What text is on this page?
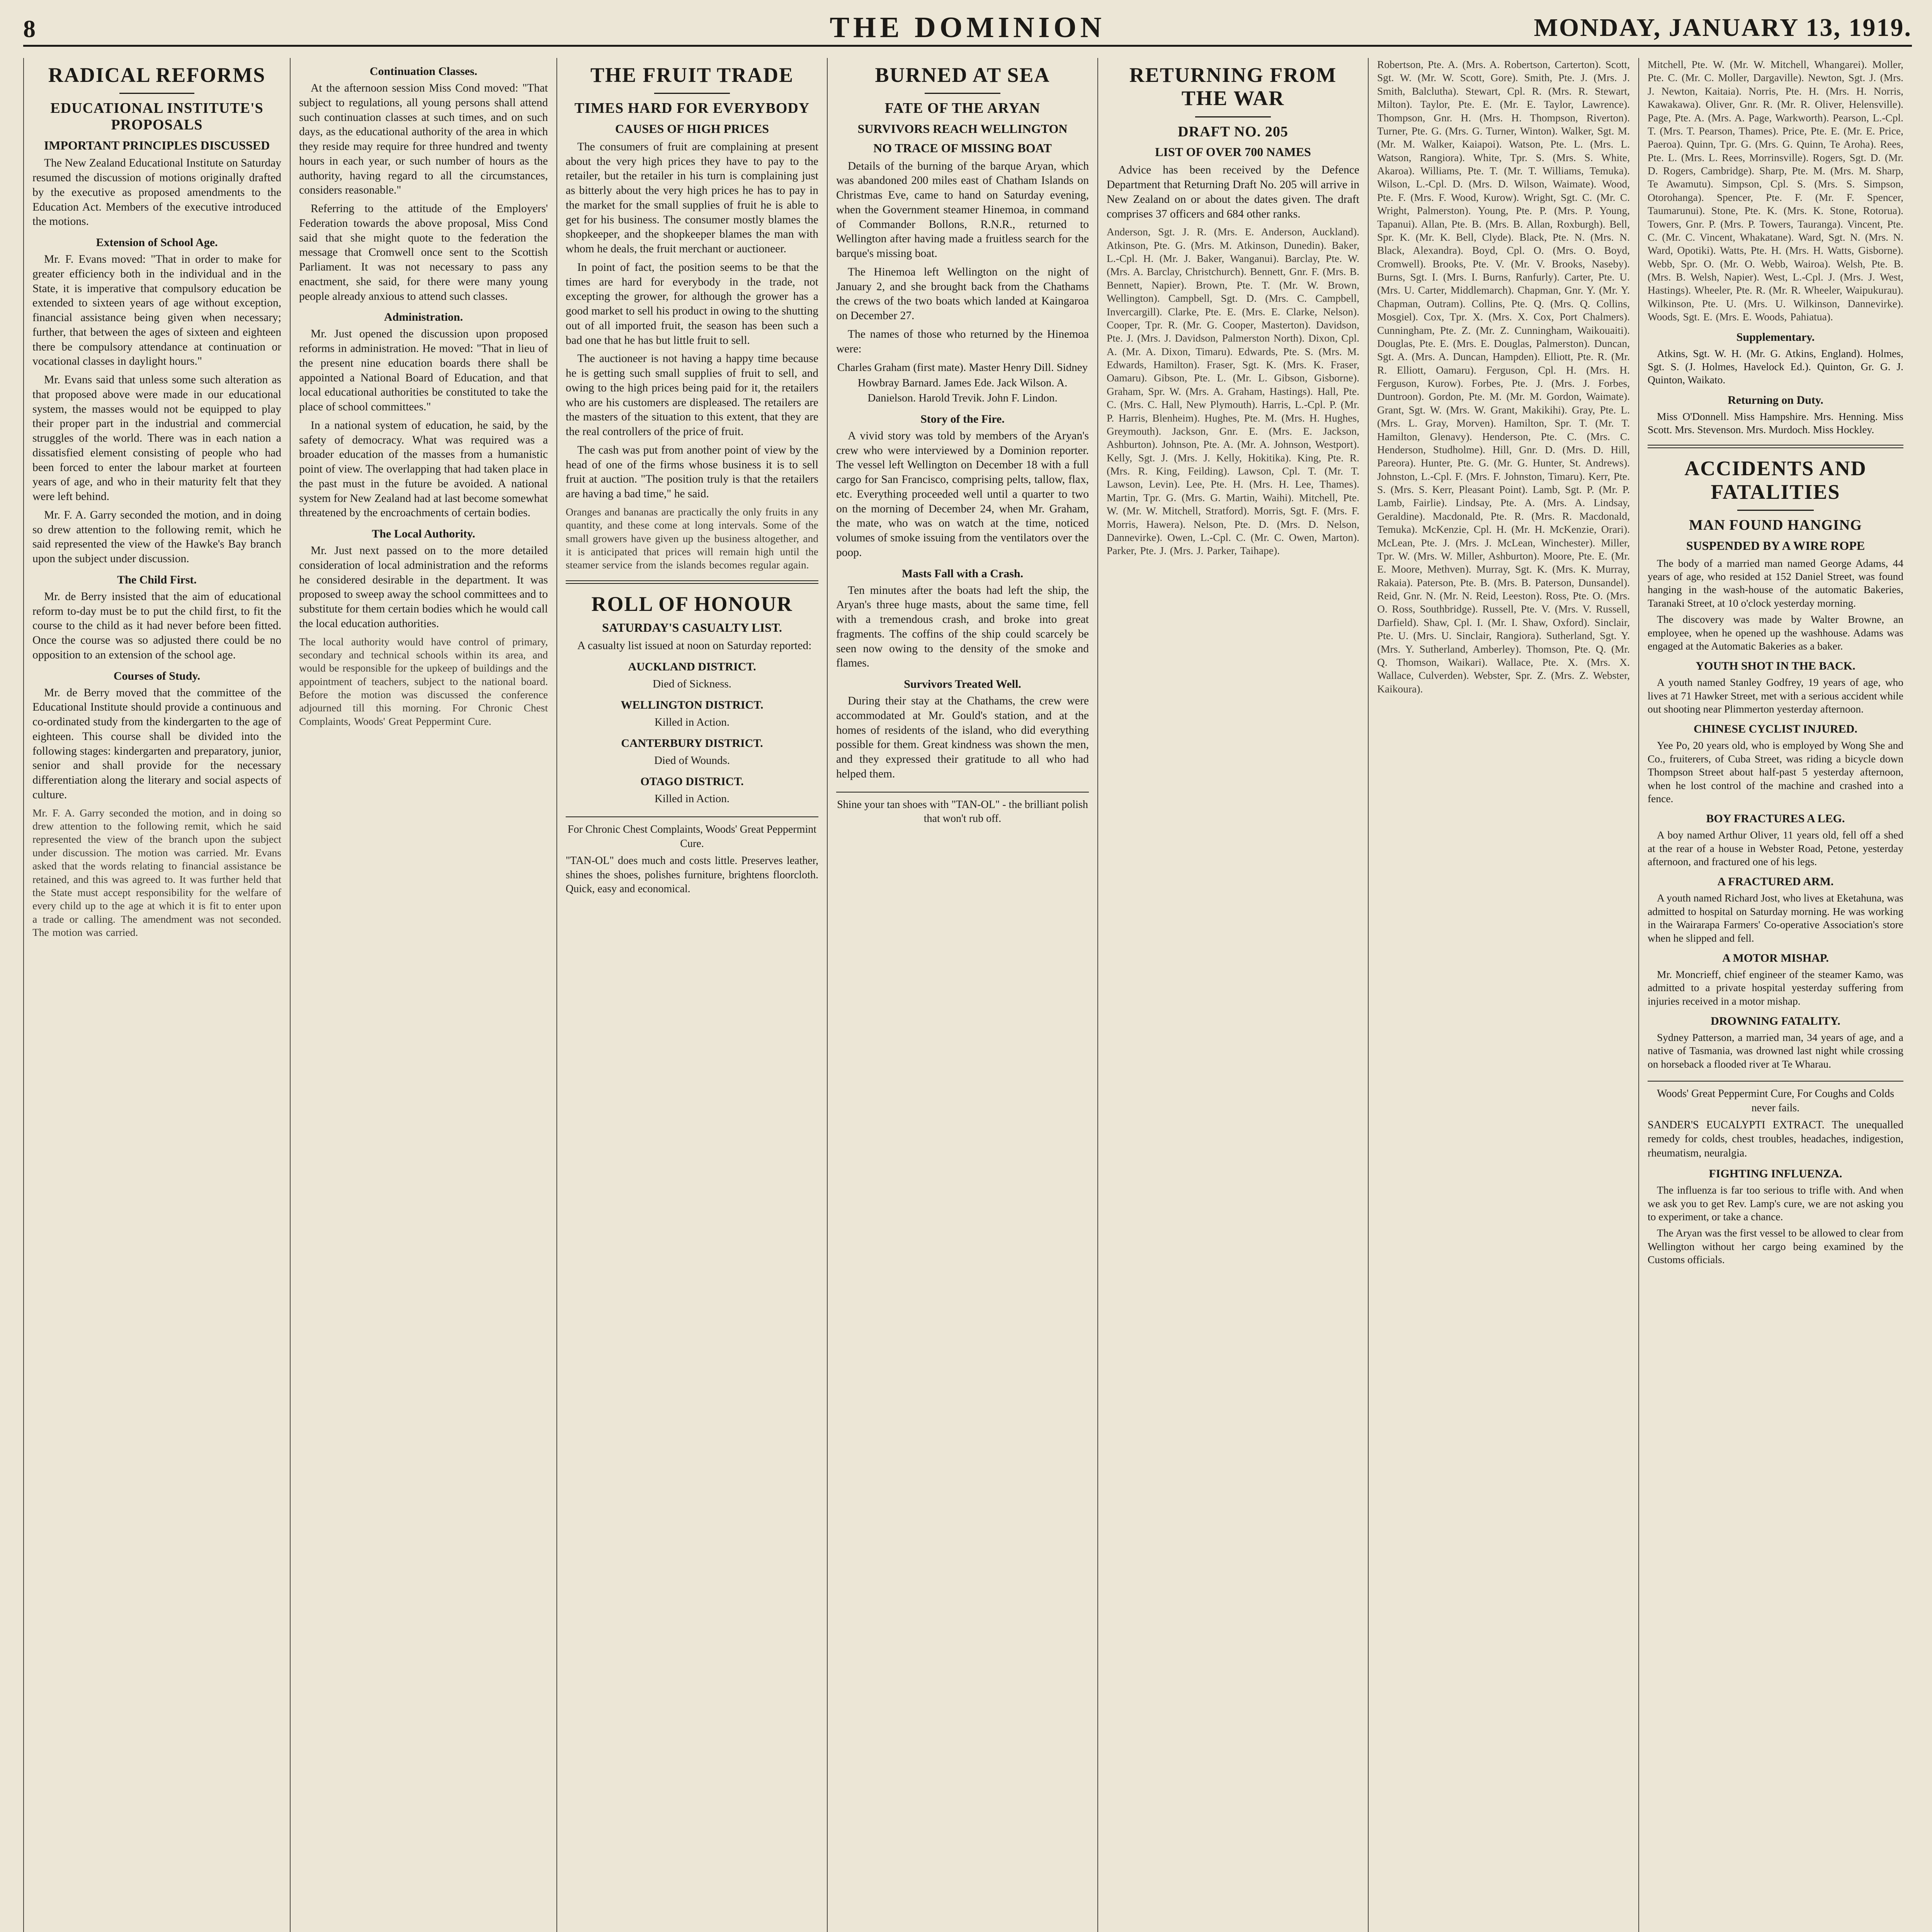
8	THE DOMINION	MONDAY, JANUARY 13, 1919.
RADICAL REFORMS
EDUCATIONAL INSTITUTE'S PROPOSALS
IMPORTANT PRINCIPLES DISCUSSED

The New Zealand Educational Institute on Saturday resumed the discussion of motions originally drafted by the executive as proposed amendments to the Education Act. Members of the executive introduced the motions.

Extension of School Age.

Mr. F. Evans moved: "That in order to make for greater efficiency both in the individual and in the State, it is imperative that compulsory education be extended to sixteen years of age without exception, financial assistance being given when necessary; further, that between the ages of sixteen and eighteen there be compulsory attendance at continuation or vocational classes in daylight hours."

Mr. Evans said that unless some such alteration as that proposed above were made in our educational system, the masses would not be equipped to play their proper part in the industrial and commercial struggles of the world. There was in each nation a dissatisfied element consisting of people who had been forced to enter the labour market at fourteen years of age, and who in their maturity felt that they were left behind.

Mr. F. A. Garry seconded the motion, and in doing so drew attention to the following remit, which he said represented the view of the Hawke's Bay branch upon the subject under discussion.

The Child First.

Mr. de Berry insisted that the aim of educational reform to-day must be to put the child first, to fit the course to the child as it had never before been fitted. Once the course was so adjusted there could be no opposition to an extension of the school age.

Courses of Study.

Mr. de Berry moved that the committee of the Educational Institute should provide a continuous and co-ordinated study from the kindergarten to the age of eighteen. This course shall be divided into the following stages: kindergarten and preparatory, junior, senior and shall provide for the necessary differentiation along the literary and social aspects of culture.

Mr. F. A. Garry seconded the motion, and in doing so drew attention to the following remit, which he said represented the view of the branch upon the subject under discussion. The motion was carried. Mr. Evans asked that the words relating to financial assistance be retained, and this was agreed to. It was further held that the State must accept responsibility for the welfare of every child up to the age at which it is fit to enter upon a trade or calling. The amendment was not seconded. The motion was carried.

Continuation Classes.

At the afternoon session Miss Cond moved: "That subject to regulations, all young persons shall attend such continuation classes at such times, and on such days, as the educational authority of the area in which they reside may require for three hundred and twenty hours in each year, or such number of hours as the authority, having regard to all the circumstances, considers reasonable."

Referring to the attitude of the Employers' Federation towards the above proposal, Miss Cond said that she might quote to the federation the message that Cromwell once sent to the Scottish Parliament. It was not necessary to pass any enactment, she said, for there were many young people already anxious to attend such classes.

Administration.

Mr. Just opened the discussion upon proposed reforms in administration. He moved: "That in lieu of the present nine education boards there shall be appointed a National Board of Education, and that local educational authorities be constituted to take the place of school committees."

In a national system of education, he said, by the safety of democracy. What was required was a broader education of the masses from a humanistic point of view. The overlapping that had taken place in the past must in the future be avoided. A national system for New Zealand had at last become somewhat threatened by the encroachments of certain bodies.

The Local Authority.

Mr. Just next passed on to the more detailed consideration of local administration and the reforms he considered desirable in the department. It was proposed to sweep away the school committees and to substitute for them certain bodies which he would call the local education authorities.

The local authority would have control of primary, secondary and technical schools within its area, and would be responsible for the upkeep of buildings and the appointment of teachers, subject to the national board. Before the motion was discussed the conference adjourned till this morning. For Chronic Chest Complaints, Woods' Great Peppermint Cure.

THE FRUIT TRADE
TIMES HARD FOR EVERYBODY
CAUSES OF HIGH PRICES

The consumers of fruit are complaining at present about the very high prices they have to pay to the retailer, but the retailer in his turn is complaining just as bitterly about the very high prices he has to pay in the market for the small supplies of fruit he is able to get for his business. The consumer mostly blames the shopkeeper, and the shopkeeper blames the man with whom he deals, the fruit merchant or auctioneer.

In point of fact, the position seems to be that the times are hard for everybody in the trade, not excepting the grower, for although the grower has a good market to sell his product in owing to the shutting out of all imported fruit, the season has been such a bad one that he has but little fruit to sell.

The auctioneer is not having a happy time because he is getting such small supplies of fruit to sell, and owing to the high prices being paid for it, the retailers who are his customers are displeased. The retailers are the masters of the situation to this extent, that they are the real controllers of the price of fruit.

The cash was put from another point of view by the head of one of the firms whose business it is to sell fruit at auction. "The position truly is that the retailers are having a bad time," he said.

Oranges and bananas are practically the only fruits in any quantity, and these come at long intervals. Some of the small growers have given up the business altogether, and it is anticipated that prices will remain high until the steamer service from the islands becomes regular again.

ROLL OF HONOUR
SATURDAY'S CASUALTY LIST.

A casualty list issued at noon on Saturday reported:

AUCKLAND DISTRICT.
Died of Sickness.
WELLINGTON DISTRICT.
Killed in Action.
CANTERBURY DISTRICT.
Died of Wounds.
OTAGO DISTRICT.
Killed in Action.
For Chronic Chest Complaints, Woods' Great Peppermint Cure.

"TAN-OL" does much and costs little. Preserves leather, shines the shoes, polishes furniture, brightens floorcloth. Quick, easy and economical.

BURNED AT SEA
FATE OF THE ARYAN
SURVIVORS REACH WELLINGTON
NO TRACE OF MISSING BOAT

Details of the burning of the barque Aryan, which was abandoned 200 miles east of Chatham Islands on Christmas Eve, came to hand on Saturday evening, when the Government steamer Hinemoa, in command of Commander Bollons, R.N.R., returned to Wellington after having made a fruitless search for the barque's missing boat.

The Hinemoa left Wellington on the night of January 2, and she brought back from the Chathams the crews of the two boats which landed at Kaingaroa on December 27.

The names of those who returned by the Hinemoa were:

Charles Graham (first mate). Master Henry Dill. Sidney Howbray Barnard. James Ede. Jack Wilson. A. Danielson. Harold Trevik. John F. Lindon.
Story of the Fire.

A vivid story was told by members of the Aryan's crew who were interviewed by a Dominion reporter. The vessel left Wellington on December 18 with a full cargo for San Francisco, comprising pelts, tallow, flax, etc. Everything proceeded well until a quarter to two on the morning of December 24, when Mr. Graham, the mate, who was on watch at the time, noticed volumes of smoke issuing from the ventilators over the poop.

Masts Fall with a Crash.

Ten minutes after the boats had left the ship, the Aryan's three huge masts, about the same time, fell with a tremendous crash, and broke into great fragments. The coffins of the ship could scarcely be seen now owing to the density of the smoke and flames.

Survivors Treated Well.

During their stay at the Chathams, the crew were accommodated at Mr. Gould's station, and at the homes of residents of the island, who did everything possible for them. Great kindness was shown the men, and they expressed their gratitude to all who had helped them.

Shine your tan shoes with "TAN-OL" - the brilliant polish that won't rub off.
RETURNING FROM THE WAR
DRAFT NO. 205
LIST OF OVER 700 NAMES

Advice has been received by the Defence Department that Returning Draft No. 205 will arrive in New Zealand on or about the dates given. The draft comprises 37 officers and 684 other ranks.

Anderson, Sgt. J. R. (Mrs. E. Anderson, Auckland). Atkinson, Pte. G. (Mrs. M. Atkinson, Dunedin). Baker, L.-Cpl. H. (Mr. J. Baker, Wanganui). Barclay, Pte. W. (Mrs. A. Barclay, Christchurch). Bennett, Gnr. F. (Mrs. B. Bennett, Napier). Brown, Pte. T. (Mr. W. Brown, Wellington). Campbell, Sgt. D. (Mrs. C. Campbell, Invercargill). Clarke, Pte. E. (Mrs. E. Clarke, Nelson). Cooper, Tpr. R. (Mr. G. Cooper, Masterton). Davidson, Pte. J. (Mrs. J. Davidson, Palmerston North). Dixon, Cpl. A. (Mr. A. Dixon, Timaru). Edwards, Pte. S. (Mrs. M. Edwards, Hamilton). Fraser, Sgt. K. (Mrs. K. Fraser, Oamaru). Gibson, Pte. L. (Mr. L. Gibson, Gisborne). Graham, Spr. W. (Mrs. A. Graham, Hastings). Hall, Pte. C. (Mrs. C. Hall, New Plymouth). Harris, L.-Cpl. P. (Mr. P. Harris, Blenheim). Hughes, Pte. M. (Mrs. H. Hughes, Greymouth). Jackson, Gnr. E. (Mrs. E. Jackson, Ashburton). Johnson, Pte. A. (Mr. A. Johnson, Westport). Kelly, Sgt. J. (Mrs. J. Kelly, Hokitika). King, Pte. R. (Mrs. R. King, Feilding). Lawson, Cpl. T. (Mr. T. Lawson, Levin). Lee, Pte. H. (Mrs. H. Lee, Thames). Martin, Tpr. G. (Mrs. G. Martin, Waihi). Mitchell, Pte. W. (Mr. W. Mitchell, Stratford). Morris, Sgt. F. (Mrs. F. Morris, Hawera). Nelson, Pte. D. (Mrs. D. Nelson, Dannevirke). Owen, L.-Cpl. C. (Mr. C. Owen, Marton). Parker, Pte. J. (Mrs. J. Parker, Taihape).

Robertson, Pte. A. (Mrs. A. Robertson, Carterton). Scott, Sgt. W. (Mr. W. Scott, Gore). Smith, Pte. J. (Mrs. J. Smith, Balclutha). Stewart, Cpl. R. (Mrs. R. Stewart, Milton). Taylor, Pte. E. (Mr. E. Taylor, Lawrence). Thompson, Gnr. H. (Mrs. H. Thompson, Riverton). Turner, Pte. G. (Mrs. G. Turner, Winton). Walker, Sgt. M. (Mr. M. Walker, Kaiapoi). Watson, Pte. L. (Mrs. L. Watson, Rangiora). White, Tpr. S. (Mrs. S. White, Akaroa). Williams, Pte. T. (Mr. T. Williams, Temuka). Wilson, L.-Cpl. D. (Mrs. D. Wilson, Waimate). Wood, Pte. F. (Mrs. F. Wood, Kurow). Wright, Sgt. C. (Mr. C. Wright, Palmerston). Young, Pte. P. (Mrs. P. Young, Tapanui). Allan, Pte. B. (Mrs. B. Allan, Roxburgh). Bell, Spr. K. (Mr. K. Bell, Clyde). Black, Pte. N. (Mrs. N. Black, Alexandra). Boyd, Cpl. O. (Mrs. O. Boyd, Cromwell). Brooks, Pte. V. (Mr. V. Brooks, Naseby). Burns, Sgt. I. (Mrs. I. Burns, Ranfurly). Carter, Pte. U. (Mrs. U. Carter, Middlemarch). Chapman, Gnr. Y. (Mr. Y. Chapman, Outram). Collins, Pte. Q. (Mrs. Q. Collins, Mosgiel). Cox, Tpr. X. (Mrs. X. Cox, Port Chalmers). Cunningham, Pte. Z. (Mr. Z. Cunningham, Waikouaiti). Douglas, Pte. E. (Mrs. E. Douglas, Palmerston). Duncan, Sgt. A. (Mrs. A. Duncan, Hampden). Elliott, Pte. R. (Mr. R. Elliott, Oamaru). Ferguson, Cpl. H. (Mrs. H. Ferguson, Kurow). Forbes, Pte. J. (Mrs. J. Forbes, Duntroon). Gordon, Pte. M. (Mr. M. Gordon, Waimate). Grant, Sgt. W. (Mrs. W. Grant, Makikihi). Gray, Pte. L. (Mrs. L. Gray, Morven). Hamilton, Spr. T. (Mr. T. Hamilton, Glenavy). Henderson, Pte. C. (Mrs. C. Henderson, Studholme). Hill, Gnr. D. (Mrs. D. Hill, Pareora). Hunter, Pte. G. (Mr. G. Hunter, St. Andrews). Johnston, L.-Cpl. F. (Mrs. F. Johnston, Timaru). Kerr, Pte. S. (Mrs. S. Kerr, Pleasant Point). Lamb, Sgt. P. (Mr. P. Lamb, Fairlie). Lindsay, Pte. A. (Mrs. A. Lindsay, Geraldine). Macdonald, Pte. R. (Mrs. R. Macdonald, Temuka). McKenzie, Cpl. H. (Mr. H. McKenzie, Orari). McLean, Pte. J. (Mrs. J. McLean, Winchester). Miller, Tpr. W. (Mrs. W. Miller, Ashburton). Moore, Pte. E. (Mr. E. Moore, Methven). Murray, Sgt. K. (Mrs. K. Murray, Rakaia). Paterson, Pte. B. (Mrs. B. Paterson, Dunsandel). Reid, Gnr. N. (Mr. N. Reid, Leeston). Ross, Pte. O. (Mrs. O. Ross, Southbridge). Russell, Pte. V. (Mrs. V. Russell, Darfield). Shaw, Cpl. I. (Mr. I. Shaw, Oxford). Sinclair, Pte. U. (Mrs. U. Sinclair, Rangiora). Sutherland, Sgt. Y. (Mrs. Y. Sutherland, Amberley). Thomson, Pte. Q. (Mr. Q. Thomson, Waikari). Wallace, Pte. X. (Mrs. X. Wallace, Culverden). Webster, Spr. Z. (Mrs. Z. Webster, Kaikoura).

Mitchell, Pte. W. (Mr. W. Mitchell, Whangarei). Moller, Pte. C. (Mr. C. Moller, Dargaville). Newton, Sgt. J. (Mrs. J. Newton, Kaitaia). Norris, Pte. H. (Mrs. H. Norris, Kawakawa). Oliver, Gnr. R. (Mr. R. Oliver, Helensville). Page, Pte. A. (Mrs. A. Page, Warkworth). Pearson, L.-Cpl. T. (Mrs. T. Pearson, Thames). Price, Pte. E. (Mr. E. Price, Paeroa). Quinn, Tpr. G. (Mrs. G. Quinn, Te Aroha). Rees, Pte. L. (Mrs. L. Rees, Morrinsville). Rogers, Sgt. D. (Mr. D. Rogers, Cambridge). Sharp, Pte. M. (Mrs. M. Sharp, Te Awamutu). Simpson, Cpl. S. (Mrs. S. Simpson, Otorohanga). Spencer, Pte. F. (Mr. F. Spencer, Taumarunui). Stone, Pte. K. (Mrs. K. Stone, Rotorua). Towers, Gnr. P. (Mrs. P. Towers, Tauranga). Vincent, Pte. C. (Mr. C. Vincent, Whakatane). Ward, Sgt. N. (Mrs. N. Ward, Opotiki). Watts, Pte. H. (Mrs. H. Watts, Gisborne). Webb, Spr. O. (Mr. O. Webb, Wairoa). Welsh, Pte. B. (Mrs. B. Welsh, Napier). West, L.-Cpl. J. (Mrs. J. West, Hastings). Wheeler, Pte. R. (Mr. R. Wheeler, Waipukurau). Wilkinson, Pte. U. (Mrs. U. Wilkinson, Dannevirke). Woods, Sgt. E. (Mrs. E. Woods, Pahiatua).

Supplementary.

Atkins, Sgt. W. H. (Mr. G. Atkins, England). Holmes, Sgt. S. (J. Holmes, Havelock Ed.). Quinton, Gr. G. J. Quinton, Waikato.

Returning on Duty.

Miss O'Donnell. Miss Hampshire. Mrs. Henning. Miss Scott. Mrs. Stevenson. Mrs. Murdoch. Miss Hockley.

ACCIDENTS AND FATALITIES
MAN FOUND HANGING
SUSPENDED BY A WIRE ROPE

The body of a married man named George Adams, 44 years of age, who resided at 152 Daniel Street, was found hanging in the wash-house of the automatic Bakeries, Taranaki Street, at 10 o'clock yesterday morning.

The discovery was made by Walter Browne, an employee, when he opened up the washhouse. Adams was engaged at the Automatic Bakeries as a baker.

YOUTH SHOT IN THE BACK.

A youth named Stanley Godfrey, 19 years of age, who lives at 71 Hawker Street, met with a serious accident while out shooting near Plimmerton yesterday afternoon.

CHINESE CYCLIST INJURED.

Yee Po, 20 years old, who is employed by Wong She and Co., fruiterers, of Cuba Street, was riding a bicycle down Thompson Street about half-past 5 yesterday afternoon, when he lost control of the machine and crashed into a fence.

BOY FRACTURES A LEG.

A boy named Arthur Oliver, 11 years old, fell off a shed at the rear of a house in Webster Road, Petone, yesterday afternoon, and fractured one of his legs.

A FRACTURED ARM.

A youth named Richard Jost, who lives at Eketahuna, was admitted to hospital on Saturday morning. He was working in the Wairarapa Farmers' Co-operative Association's store when he slipped and fell.

A MOTOR MISHAP.

Mr. Moncrieff, chief engineer of the steamer Kamo, was admitted to a private hospital yesterday suffering from injuries received in a motor mishap.

DROWNING FATALITY.

Sydney Patterson, a married man, 34 years of age, and a native of Tasmania, was drowned last night while crossing on horseback a flooded river at Te Wharau.

Woods' Great Peppermint Cure, For Coughs and Colds never fails.

SANDER'S EUCALYPTI EXTRACT. The unequalled remedy for colds, chest troubles, headaches, indigestion, rheumatism, neuralgia.

FIGHTING INFLUENZA.

The influenza is far too serious to trifle with. And when we ask you to get Rev. Lamp's cure, we are not asking you to experiment, or take a chance.

The Aryan was the first vessel to be allowed to clear from Wellington without her cargo being examined by the Customs officials.
